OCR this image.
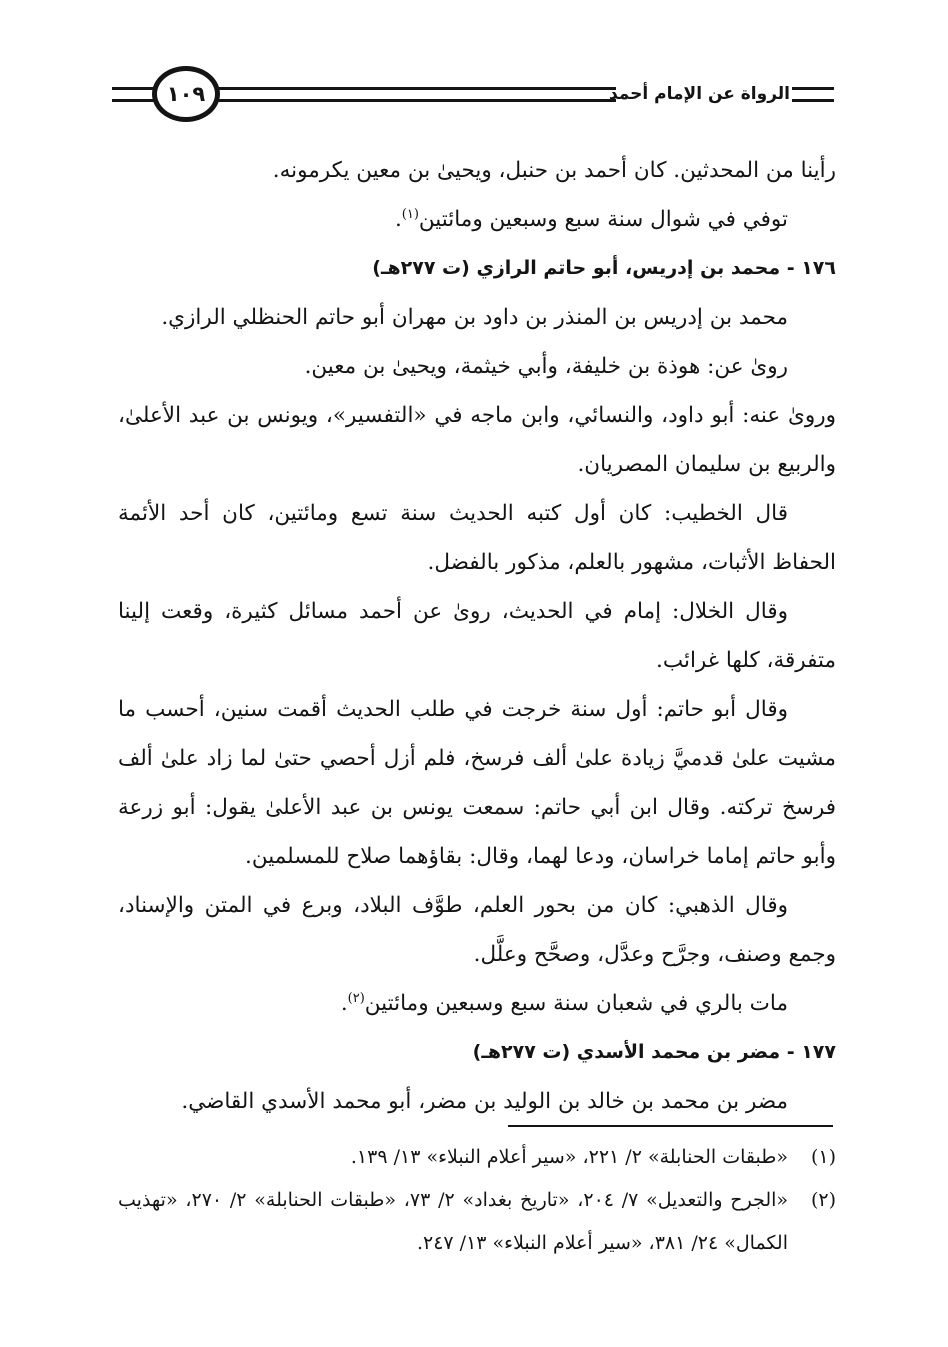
١٠٩	الرواة عن الإمام أحمد

رأينا من المحدثين. كان أحمد بن حنبل، ويحيىٰ بن معين يكرمونه.

توفي في شوال سنة سبع وسبعين ومائتين$^{(١)}$.

١٧٦ - محمد بن إدريس، أبو حاتم الرازي (ت ٢٧٧هـ)

محمد بن إدريس بن المنذر بن داود بن مهران أبو حاتم الحنظلي الرازي.

روىٰ عن: هوذة بن خليفة، وأبي خيثمة، ويحيىٰ بن معين.

وروىٰ عنه: أبو داود، والنسائي، وابن ماجه في «التفسير»، ويونس بن عبد الأعلىٰ، والربيع بن سليمان المصريان.

قال الخطيب: كان أول كتبه الحديث سنة تسع ومائتين، كان أحد الأئمة الحفاظ الأثبات، مشهور بالعلم، مذكور بالفضل.

وقال الخلال: إمام في الحديث، روىٰ عن أحمد مسائل كثيرة، وقعت إلينا متفرقة، كلها غرائب.

وقال أبو حاتم: أول سنة خرجت في طلب الحديث أقمت سنين، أحسب ما مشيت علىٰ قدميَّ زيادة علىٰ ألف فرسخ، فلم أزل أحصي حتىٰ لما زاد علىٰ ألف فرسخ تركته. وقال ابن أبي حاتم: سمعت يونس بن عبد الأعلىٰ يقول: أبو زرعة وأبو حاتم إماما خراسان، ودعا لهما، وقال: بقاؤهما صلاح للمسلمين.

وقال الذهبي: كان من بحور العلم، طوَّف البلاد، وبرع في المتن والإسناد، وجمع وصنف، وجرَّح وعدَّل، وصحَّح وعلَّل.

مات بالري في شعبان سنة سبع وسبعين ومائتين$^{(٢)}$.

١٧٧ - مضر بن محمد الأسدي (ت ٢٧٧هـ)

مضر بن محمد بن خالد بن الوليد بن مضر، أبو محمد الأسدي القاضي.

(١)
«طبقات الحنابلة» ٢/ ٢٢١، «سير أعلام النبلاء» ١٣/ ١٣٩.

(٢)
«الجرح والتعديل» ٧/ ٢٠٤، «تاريخ بغداد» ٢/ ٧٣، «طبقات الحنابلة» ٢/ ٢٧٠، «تهذيب الكمال» ٢٤/ ٣٨١، «سير أعلام النبلاء» ١٣/ ٢٤٧.
